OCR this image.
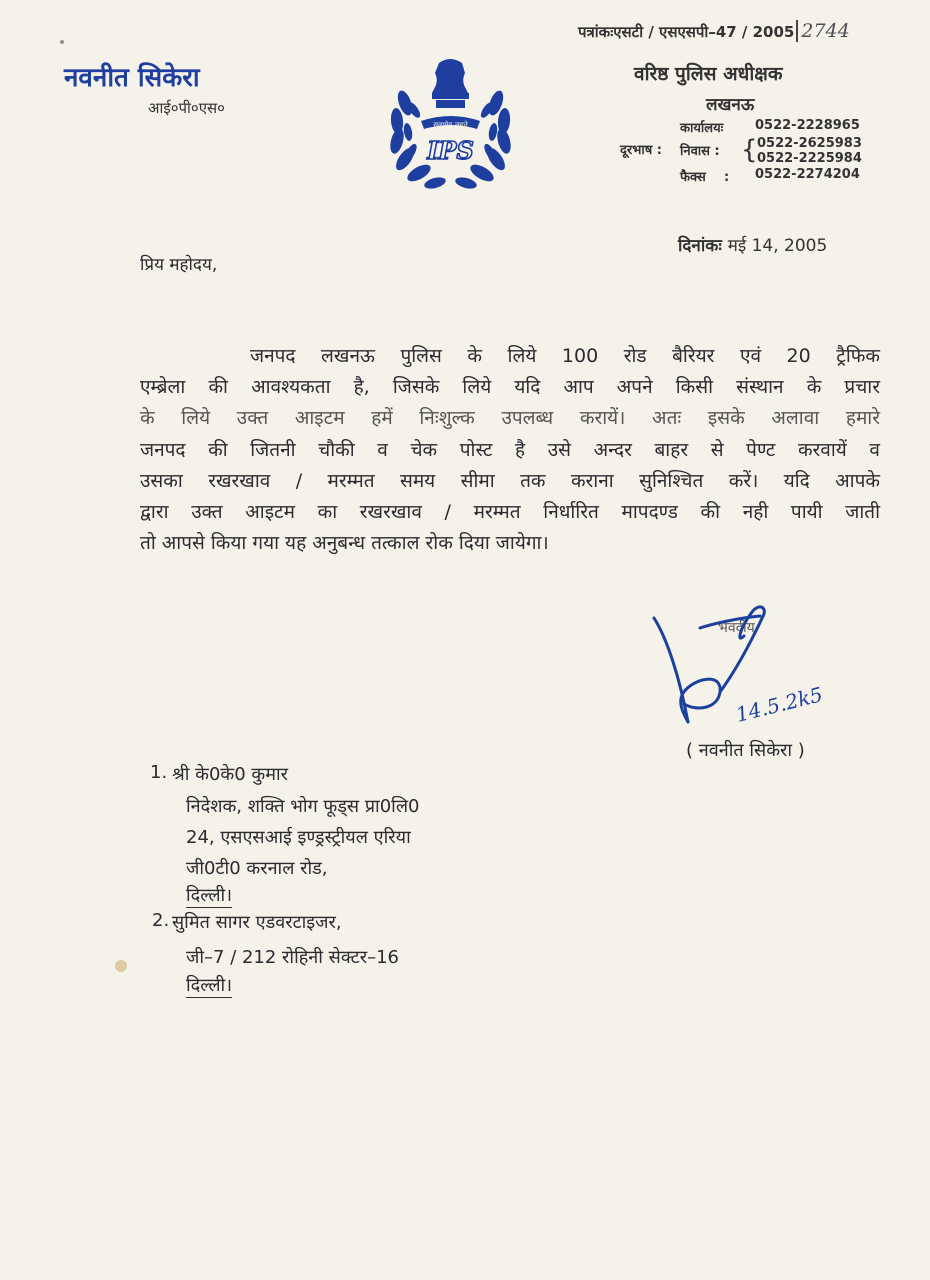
पत्रांकःएसटी / एसएसपी–47 / 2005 2744
नवनीत सिकेरा
आई०पी०एस०
IPS
सत्यमेव जयते
वरिष्ठ पुलिस अधीक्षक
लखनऊ
कार्यालयः 0522-2228965
दूरभाष : निवास : { 0522-2625983
0522-2225984
फैक्स : 0522-2274204
दिनांकः मई 14, 2005
प्रिय महोदय,
जनपद लखनऊ पुलिस के लिये 100 रोड बैरियर एवं 20 ट्रैफिक
एम्ब्रेला की आवश्यकता है, जिसके लिये यदि आप अपने किसी संस्थान के प्रचार
के लिये उक्त आइटम हमें निःशुल्क उपलब्ध करायें। अतः इसके अलावा हमारे
जनपद की जितनी चौकी व चेक पोस्ट है उसे अन्दर बाहर से पेण्ट करवायें व
उसका रखरखाव / मरम्मत समय सीमा तक कराना सुनिश्चित करें। यदि आपके
द्वारा उक्त आइटम का रखरखाव / मरम्मत निर्धारित मापदण्ड की नही पायी जाती
तो आपसे किया गया यह अनुबन्ध तत्काल रोक दिया जायेगा।
भवदीय
14.5.2k5
( नवनीत सिकेरा )
1. श्री के0के0 कुमार
निदेशक, शक्ति भोग फूड्स प्रा0लि0
24, एसएसआई इण्ड्रस्ट्रीयल एरिया
जी0टी0 करनाल रोड,
दिल्ली।
2. सुमित सागर एडवरटाइजर,
जी–7 / 212 रोहिनी सेक्टर–16
दिल्ली।
